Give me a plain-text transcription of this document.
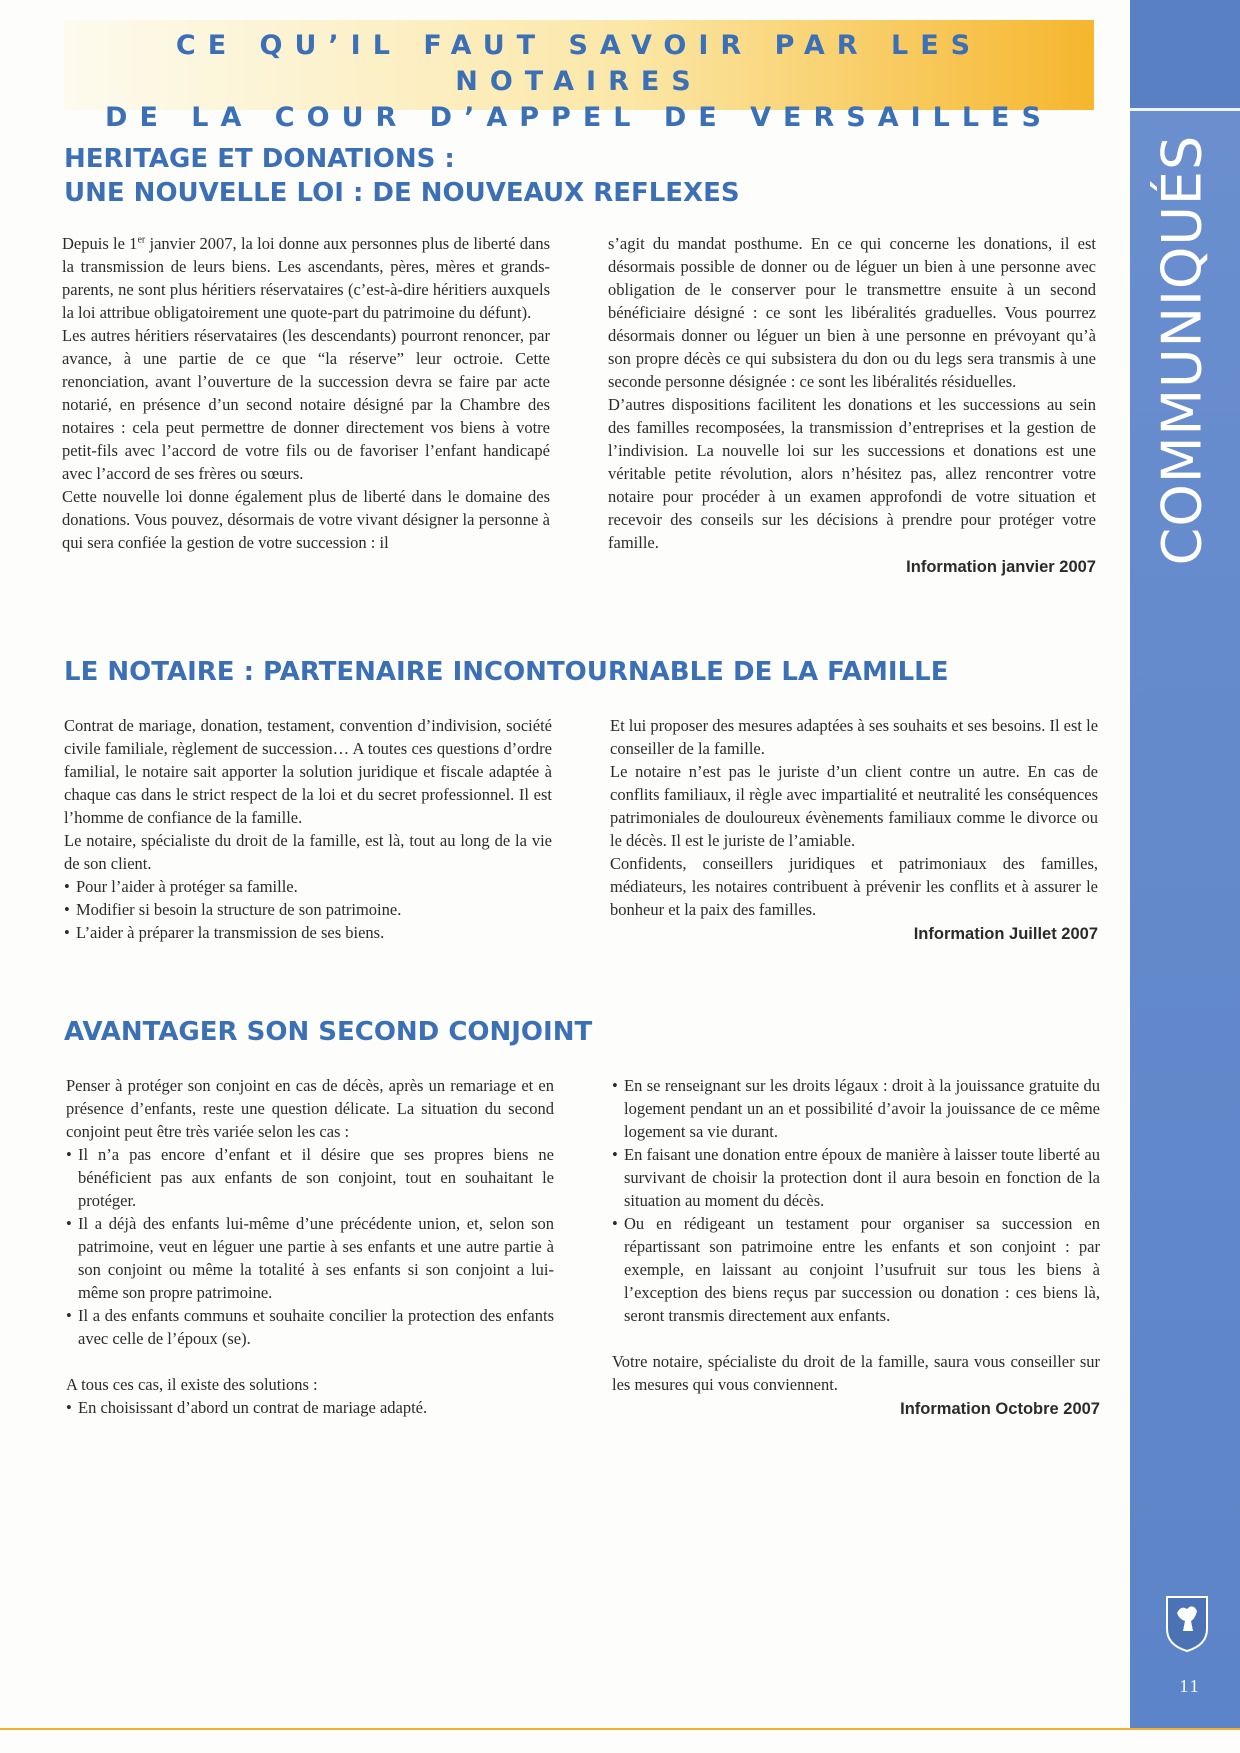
CE QU’IL FAUT SAVOIR PAR LES NOTAIRES
DE LA COUR D’APPEL DE VERSAILLES
COMMUNIQUÉS
11
HERITAGE ET DONATIONS :
UNE NOUVELLE LOI : DE NOUVEAUX REFLEXES

Depuis le 1er janvier 2007, la loi donne aux personnes plus de liberté dans la transmission de leurs biens. Les ascendants, pères, mères et grands-parents, ne sont plus héritiers réservataires (c’est-à-dire héritiers auxquels la loi attribue obligatoirement une quote-part du patrimoine du défunt).

Les autres héritiers réservataires (les descendants) pourront renoncer, par avance, à une partie de ce que “la réserve” leur octroie. Cette renonciation, avant l’ouverture de la succession devra se faire par acte notarié, en présence d’un second notaire désigné par la Chambre des notaires : cela peut permettre de donner directement vos biens à votre petit-fils avec l’accord de votre fils ou de favoriser l’enfant handicapé avec l’accord de ses frères ou sœurs.

Cette nouvelle loi donne également plus de liberté dans le domaine des donations. Vous pouvez, désormais de votre vivant désigner la personne à qui sera confiée la gestion de votre succession : il

s’agit du mandat posthume. En ce qui concerne les donations, il est désormais possible de donner ou de léguer un bien à une personne avec obligation de le conserver pour le transmettre ensuite à un second bénéficiaire désigné : ce sont les libéralités graduelles. Vous pourrez désormais donner ou léguer un bien à une personne en prévoyant qu’à son propre décès ce qui subsistera du don ou du legs sera transmis à une seconde personne désignée : ce sont les libéralités résiduelles.

D’autres dispositions facilitent les donations et les successions au sein des familles recomposées, la transmission d’entreprises et la gestion de l’indivision. La nouvelle loi sur les successions et donations est une véritable petite révolution, alors n’hésitez pas, allez rencontrer votre notaire pour procéder à un examen approfondi de votre situation et recevoir des conseils sur les décisions à prendre pour protéger votre famille.

Information janvier 2007
LE NOTAIRE : PARTENAIRE INCONTOURNABLE DE LA FAMILLE

Contrat de mariage, donation, testament, convention d’indivision, société civile familiale, règlement de succession… A toutes ces questions d’ordre familial, le notaire sait apporter la solution juridique et fiscale adaptée à chaque cas dans le strict respect de la loi et du secret professionnel. Il est l’homme de confiance de la famille.

Le notaire, spécialiste du droit de la famille, est là, tout au long de la vie de son client.

• Pour l’aider à protéger sa famille.
• Modifier si besoin la structure de son patrimoine.
• L’aider à préparer la transmission de ses biens.

Et lui proposer des mesures adaptées à ses souhaits et ses besoins. Il est le conseiller de la famille.

Le notaire n’est pas le juriste d’un client contre un autre. En cas de conflits familiaux, il règle avec impartialité et neutralité les conséquences patrimoniales de douloureux évènements familiaux comme le divorce ou le décès. Il est le juriste de l’amiable.

Confidents, conseillers juridiques et patrimoniaux des familles, médiateurs, les notaires contribuent à prévenir les conflits et à assurer le bonheur et la paix des familles.

Information Juillet 2007
AVANTAGER SON SECOND CONJOINT

Penser à protéger son conjoint en cas de décès, après un remariage et en présence d’enfants, reste une question délicate. La situation du second conjoint peut être très variée selon les cas :

• Il n’a pas encore d’enfant et il désire que ses propres biens ne bénéficient pas aux enfants de son conjoint, tout en souhaitant le protéger.
• Il a déjà des enfants lui-même d’une précédente union, et, selon son patrimoine, veut en léguer une partie à ses enfants et une autre partie à son conjoint ou même la totalité à ses enfants si son conjoint a lui-même son propre patrimoine.
• Il a des enfants communs et souhaite concilier la protection des enfants avec celle de l’époux (se).

A tous ces cas, il existe des solutions :

• En choisissant d’abord un contrat de mariage adapté.
• En se renseignant sur les droits légaux : droit à la jouissance gratuite du logement pendant un an et possibilité d’avoir la jouissance de ce même logement sa vie durant.
• En faisant une donation entre époux de manière à laisser toute liberté au survivant de choisir la protection dont il aura besoin en fonction de la situation au moment du décès.
• Ou en rédigeant un testament pour organiser sa succession en répartissant son patrimoine entre les enfants et son conjoint : par exemple, en laissant au conjoint l’usufruit sur tous les biens à l’exception des biens reçus par succession ou donation : ces biens là, seront transmis directement aux enfants.

Votre notaire, spécialiste du droit de la famille, saura vous conseiller sur les mesures qui vous conviennent.

Information Octobre 2007
